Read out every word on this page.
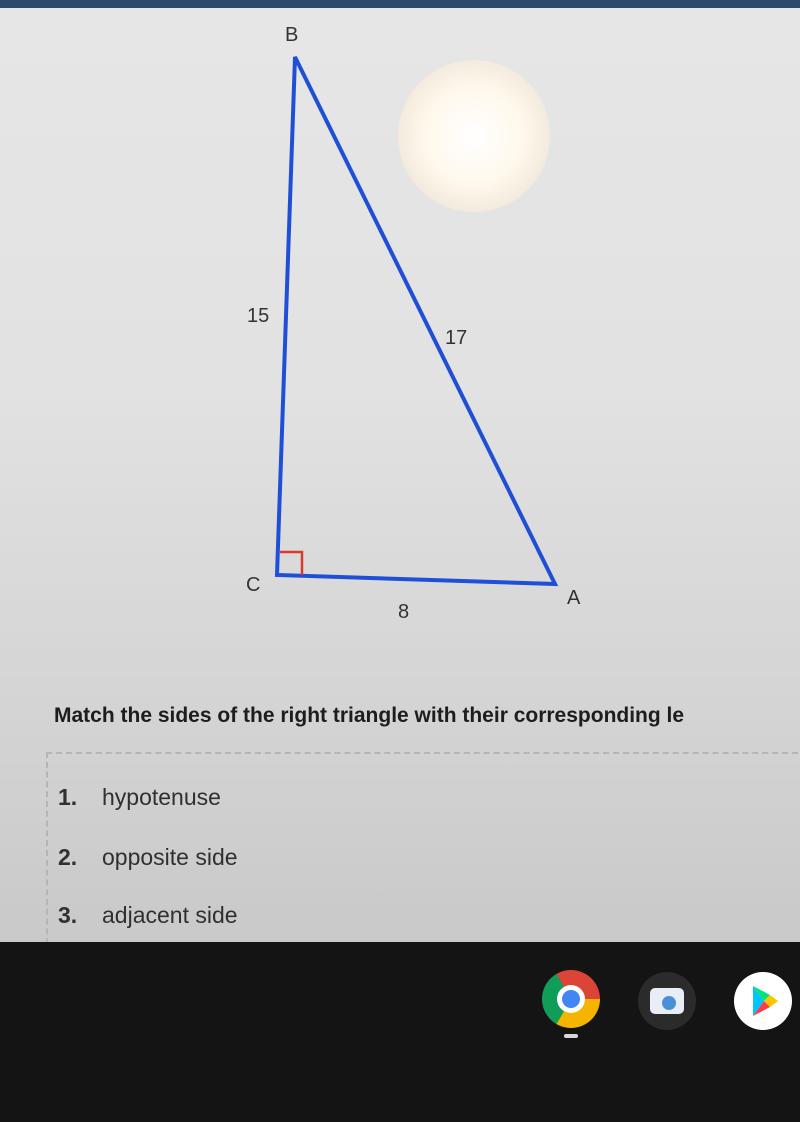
B
C
A
15
17
8
Match the sides of the right triangle with their corresponding le
1. hypotenuse
2. opposite side
3. adjacent side
